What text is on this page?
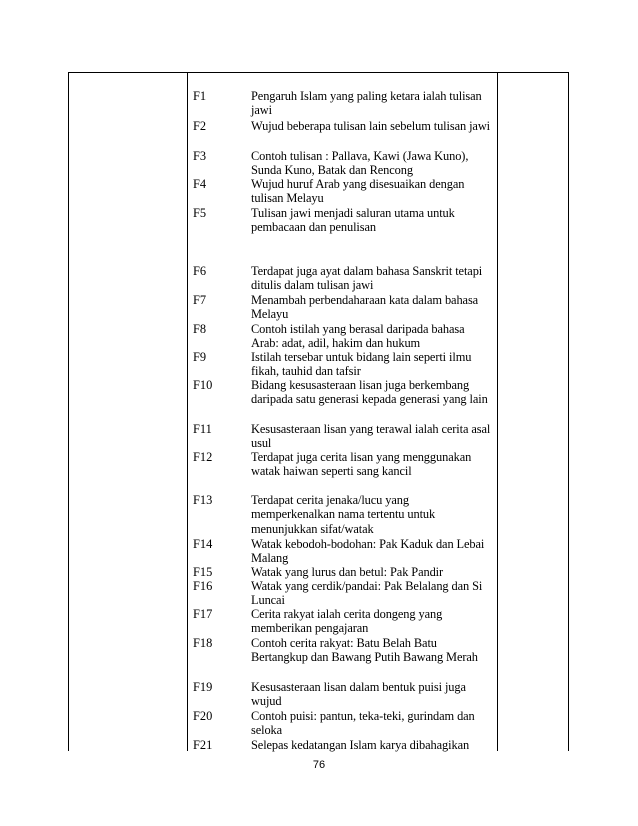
F1	Pengaruh Islam yang paling ketara ialah tulisan jawi
F2	Wujud beberapa tulisan lain sebelum tulisan jawi
F3	Contoh tulisan : Pallava, Kawi (Jawa Kuno), Sunda Kuno, Batak dan Rencong
F4	Wujud huruf Arab yang disesuaikan dengan tulisan Melayu
F5	Tulisan jawi menjadi saluran utama untuk pembacaan dan penulisan
F6	Terdapat juga ayat dalam bahasa Sanskrit tetapi ditulis dalam tulisan jawi
F7	Menambah perbendaharaan kata dalam bahasa Melayu
F8	Contoh istilah yang berasal daripada bahasa Arab: adat, adil, hakim dan hukum
F9	Istilah tersebar untuk bidang lain seperti ilmu fikah, tauhid dan tafsir
F10	Bidang kesusasteraan lisan juga berkembang daripada satu generasi kepada generasi yang lain
F11	Kesusasteraan lisan yang terawal ialah cerita asal usul
F12	Terdapat juga cerita lisan yang menggunakan watak haiwan seperti sang kancil
F13	Terdapat cerita jenaka/lucu yang memperkenalkan nama tertentu untuk menunjukkan sifat/watak
F14	Watak kebodoh-bodohan: Pak Kaduk dan Lebai Malang
F15	Watak yang lurus dan betul: Pak Pandir
F16	Watak yang cerdik/pandai: Pak Belalang dan Si Luncai
F17	Cerita rakyat ialah cerita dongeng yang memberikan pengajaran
F18	Contoh cerita rakyat: Batu Belah Batu Bertangkup dan Bawang Putih Bawang Merah
F19	Kesusasteraan lisan dalam bentuk puisi juga wujud
F20	Contoh puisi: pantun, teka-teki, gurindam dan seloka
F21	Selepas kedatangan Islam karya dibahagikan
76
